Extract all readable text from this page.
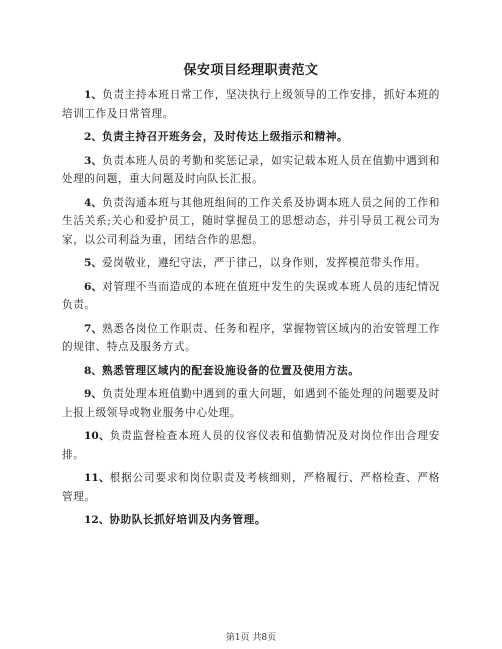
保安项目经理职责范文

1、负责主持本班日常工作，坚决执行上级领导的工作安排，抓好本班的培训工作及日常管理。

2、负责主持召开班务会，及时传达上级指示和精神。

3、负责本班人员的考勤和奖惩记录，如实记载本班人员在值勤中遇到和处理的问题，重大问题及时向队长汇报。

4、负责沟通本班与其他班组间的工作关系及协调本班人员之间的工作和生活关系;关心和爱护员工，随时掌握员工的思想动态，并引导员工视公司为家，以公司利益为重，团结合作的思想。

5、爱岗敬业，遵纪守法，严于律己，以身作则，发挥模范带头作用。

6、对管理不当而造成的本班在值班中发生的失误或本班人员的违纪情况负责。

7、熟悉各岗位工作职责、任务和程序，掌握物管区域内的治安管理工作的规律、特点及服务方式。

8、熟悉管理区域内的配套设施设备的位置及使用方法。

9、负责处理本班值勤中遇到的重大问题，如遇到不能处理的问题要及时上报上级领导或物业服务中心处理。

10、负责监督检查本班人员的仪容仪表和值勤情况及对岗位作出合理安排。

11、根据公司要求和岗位职责及考核细则，严格履行、严格检查、严格管理。

12、协助队长抓好培训及内务管理。

第1页 共8页
